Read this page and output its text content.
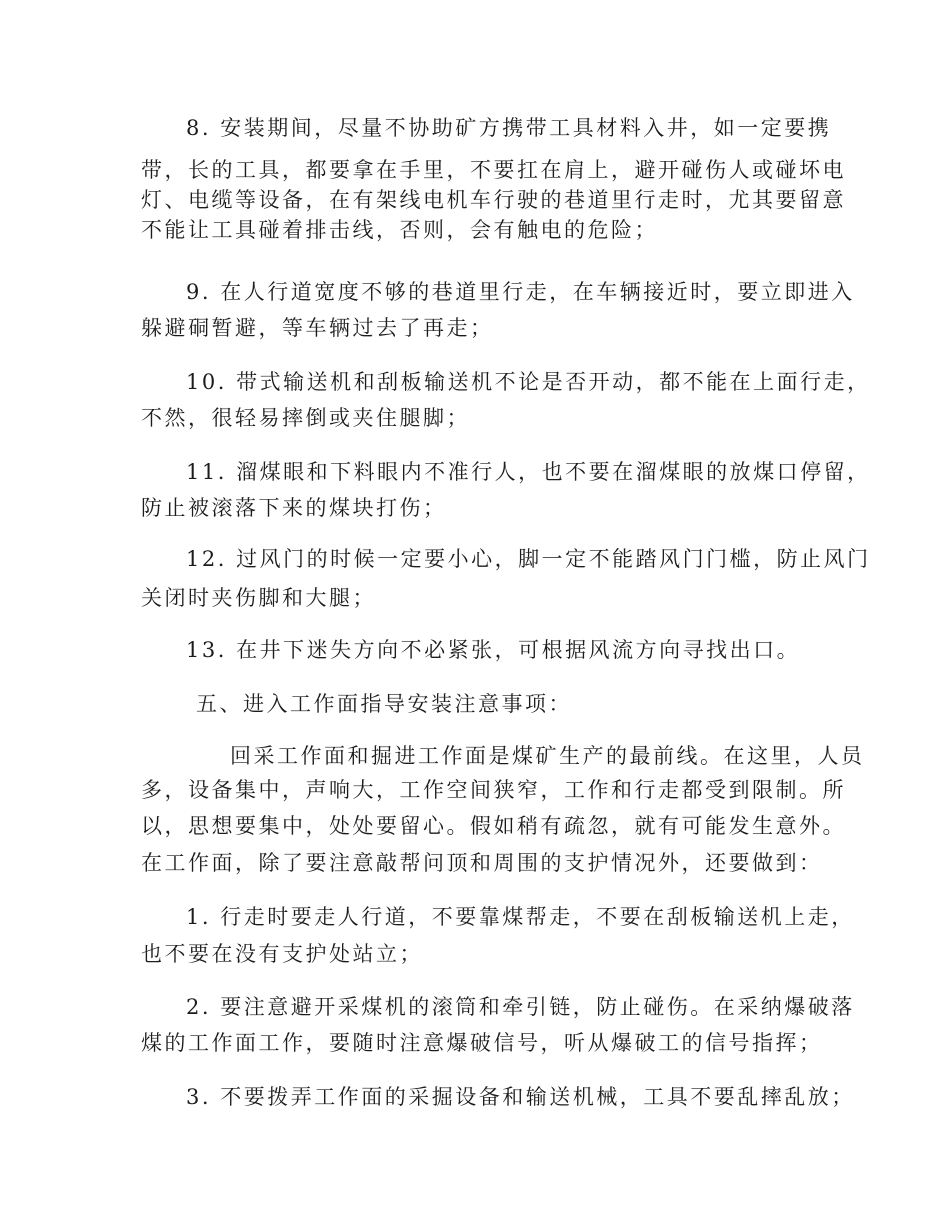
8. 安装期间，尽量不协助矿方携带工具材料入井，如一定要携

带，长的工具，都要拿在手里，不要扛在肩上，避开碰伤人或碰坏电

灯、电缆等设备，在有架线电机车行驶的巷道里行走时，尤其要留意

不能让工具碰着排击线，否则，会有触电的危险；

9. 在人行道宽度不够的巷道里行走，在车辆接近时，要立即进入

躲避硐暂避，等车辆过去了再走；

10. 带式输送机和刮板输送机不论是否开动，都不能在上面行走，

不然，很轻易摔倒或夹住腿脚；

11. 溜煤眼和下料眼内不准行人，也不要在溜煤眼的放煤口停留，

防止被滚落下来的煤块打伤；

12. 过风门的时候一定要小心，脚一定不能踏风门门槛，防止风门

关闭时夹伤脚和大腿；

13. 在井下迷失方向不必紧张，可根据风流方向寻找出口。

五、进入工作面指导安装注意事项：

回采工作面和掘进工作面是煤矿生产的最前线。在这里，人员

多，设备集中，声响大，工作空间狭窄，工作和行走都受到限制。所

以，思想要集中，处处要留心。假如稍有疏忽，就有可能发生意外。

在工作面，除了要注意敲帮问顶和周围的支护情况外，还要做到：

1. 行走时要走人行道，不要靠煤帮走，不要在刮板输送机上走，

也不要在没有支护处站立；

2. 要注意避开采煤机的滚筒和牵引链，防止碰伤。在采纳爆破落

煤的工作面工作，要随时注意爆破信号，听从爆破工的信号指挥；

3. 不要拨弄工作面的采掘设备和输送机械，工具不要乱摔乱放；
